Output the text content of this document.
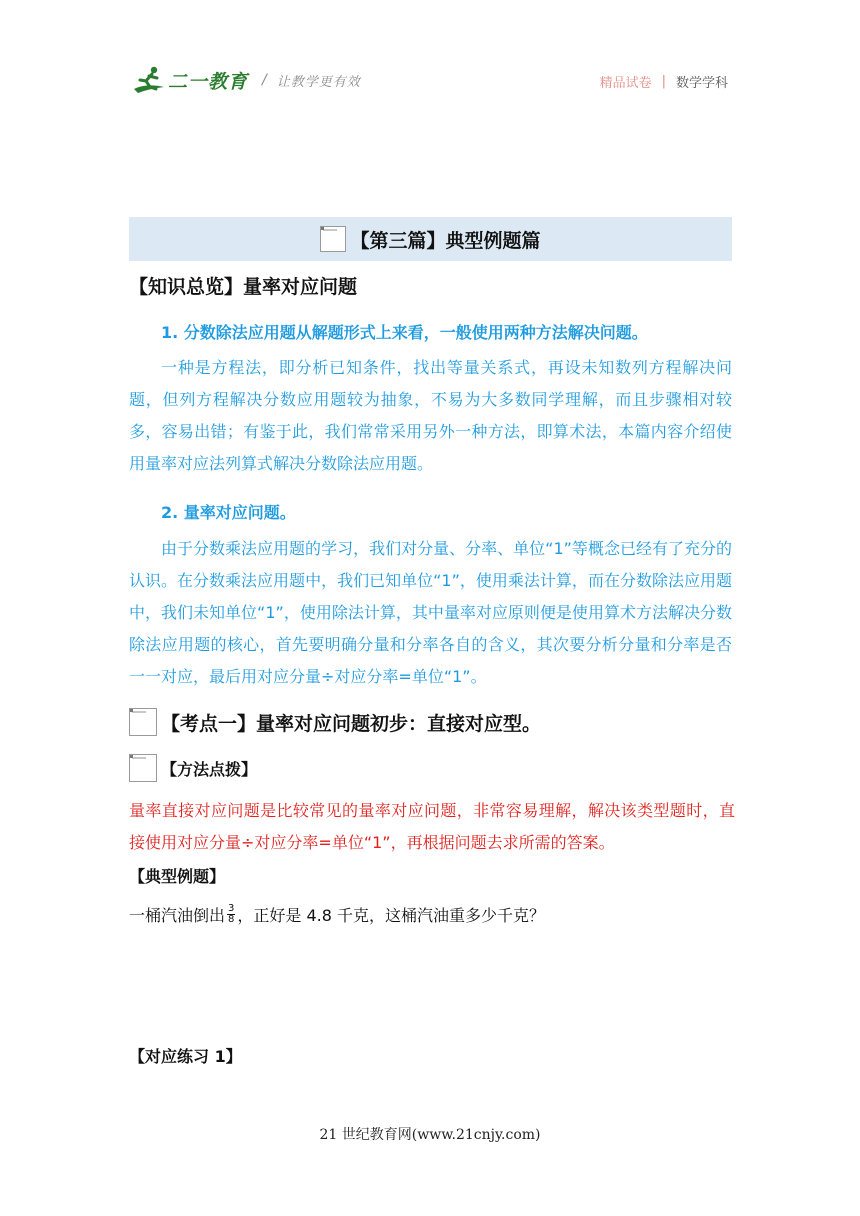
二一教育 / 让教学更有效	精品试卷 | 数学学科
【第三篇】典型例题篇
【知识总览】量率对应问题
1. 分数除法应用题从解题形式上来看，一般使用两种方法解决问题。
一种是方程法，即分析已知条件，找出等量关系式，再设未知数列方程解决问题，但列方程解决分数应用题较为抽象，不易为大多数同学理解，而且步骤相对较多，容易出错；有鉴于此，我们常常采用另外一种方法，即算术法，本篇内容介绍使用量率对应法列算式解决分数除法应用题。
2. 量率对应问题。
由于分数乘法应用题的学习，我们对分量、分率、单位“1”等概念已经有了充分的认识。在分数乘法应用题中，我们已知单位“1”，使用乘法计算，而在分数除法应用题中，我们未知单位“1”，使用除法计算，其中量率对应原则便是使用算术方法解决分数除法应用题的核心，首先要明确分量和分率各自的含义，其次要分析分量和分率是否一一对应，最后用对应分量÷对应分率=单位“1”。
【考点一】量率对应问题初步：直接对应型。
【方法点拨】
量率直接对应问题是比较常见的量率对应问题，非常容易理解，解决该类型题时，直接使用对应分量÷对应分率=单位“1”，再根据问题去求所需的答案。
【典型例题】
一桶汽油倒出 $\frac{3}{8}$ ，正好是 4.8 千克，这桶汽油重多少千克？
【对应练习 1】
21 世纪教育网(www.21cnjy.com)
